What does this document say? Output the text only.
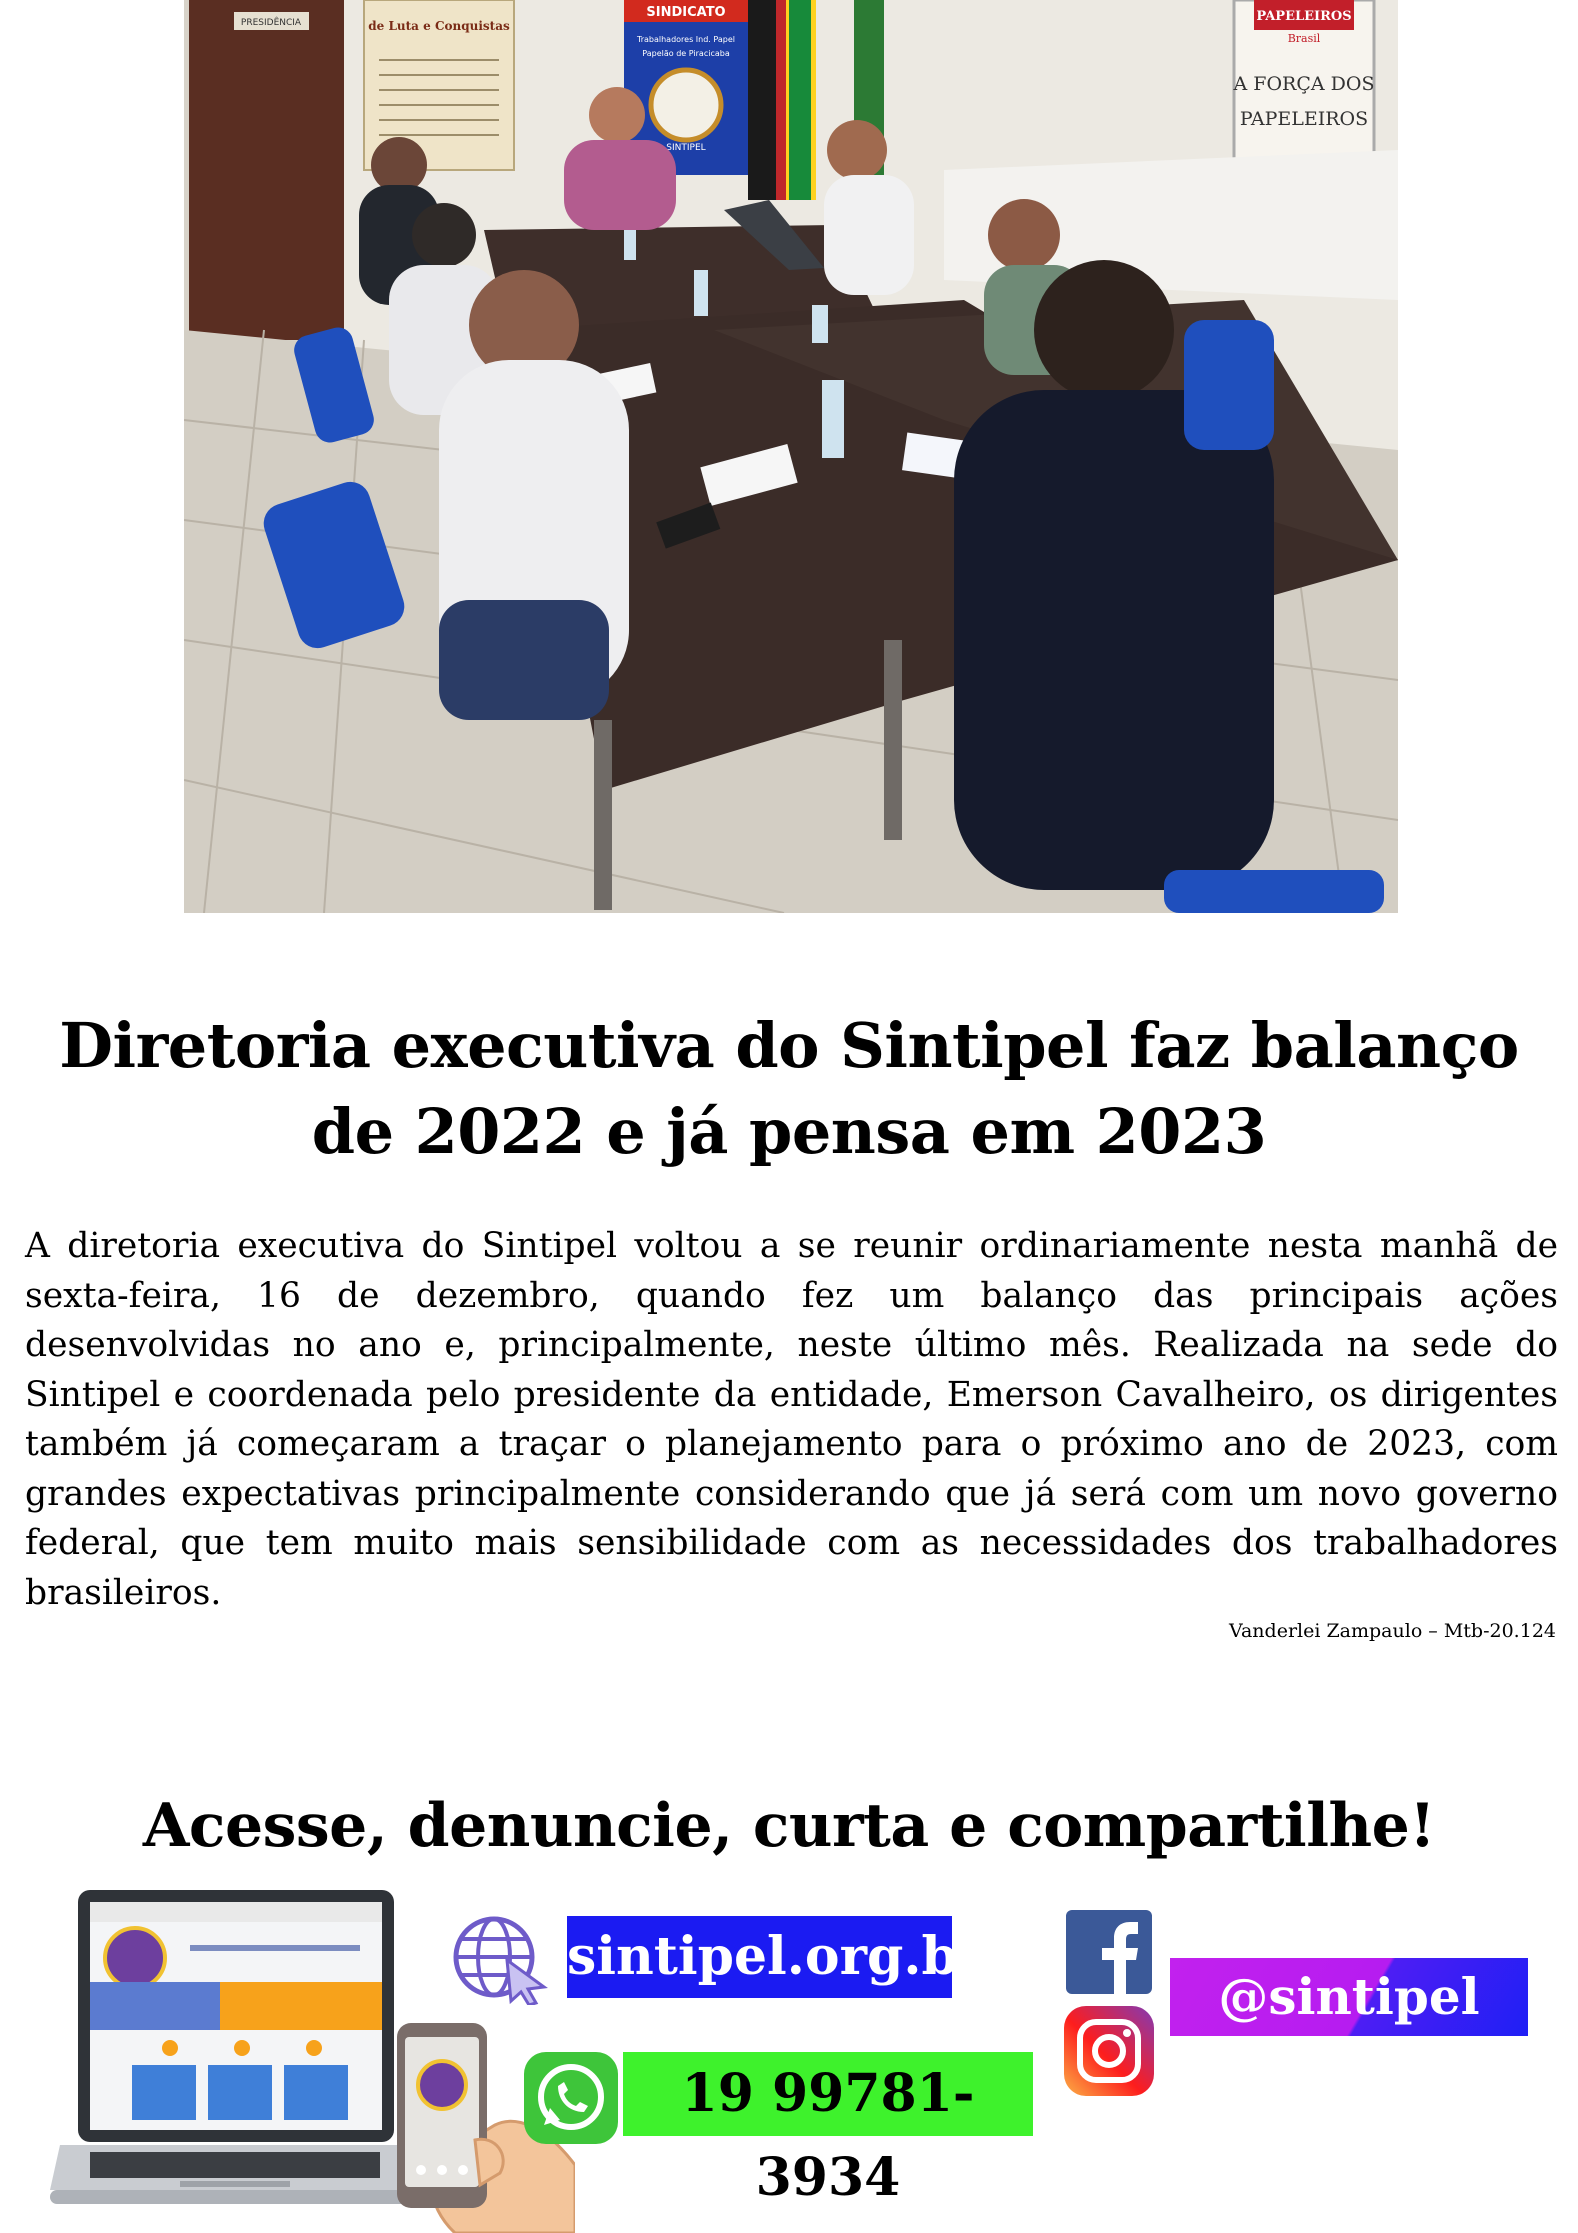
PRESIDÊNCIA	de Luta e Conquistas
SINDICATO
Trabalhadores Ind. Papel
Papelão de Piracicaba
SINTIPEL
PAPELEIROS
Brasil
A FORÇA DOS
PAPELEIROS
Diretoria executiva do Sintipel faz balanço
de 2022 e já pensa em 2023

A diretoria executiva do Sintipel voltou a se reunir ordinariamente nesta manhã de sexta-feira, 16 de dezembro, quando fez um balanço das principais ações desenvolvidas no ano e, principalmente, neste último mês. Realizada na sede do Sintipel e coordenada pelo presidente da entidade, Emerson Cavalheiro, os dirigentes também já começaram a traçar o planejamento para o próximo ano de 2023, com grandes expectativas principalmente considerando que já será com um novo governo federal, que tem muito mais sensibilidade com as necessidades dos trabalhadores brasileiros.

Vanderlei Zampaulo – Mtb-20.124
Acesse, denuncie, curta e compartilhe!
sintipel.org.br
19 99781-3934
@sintipel
